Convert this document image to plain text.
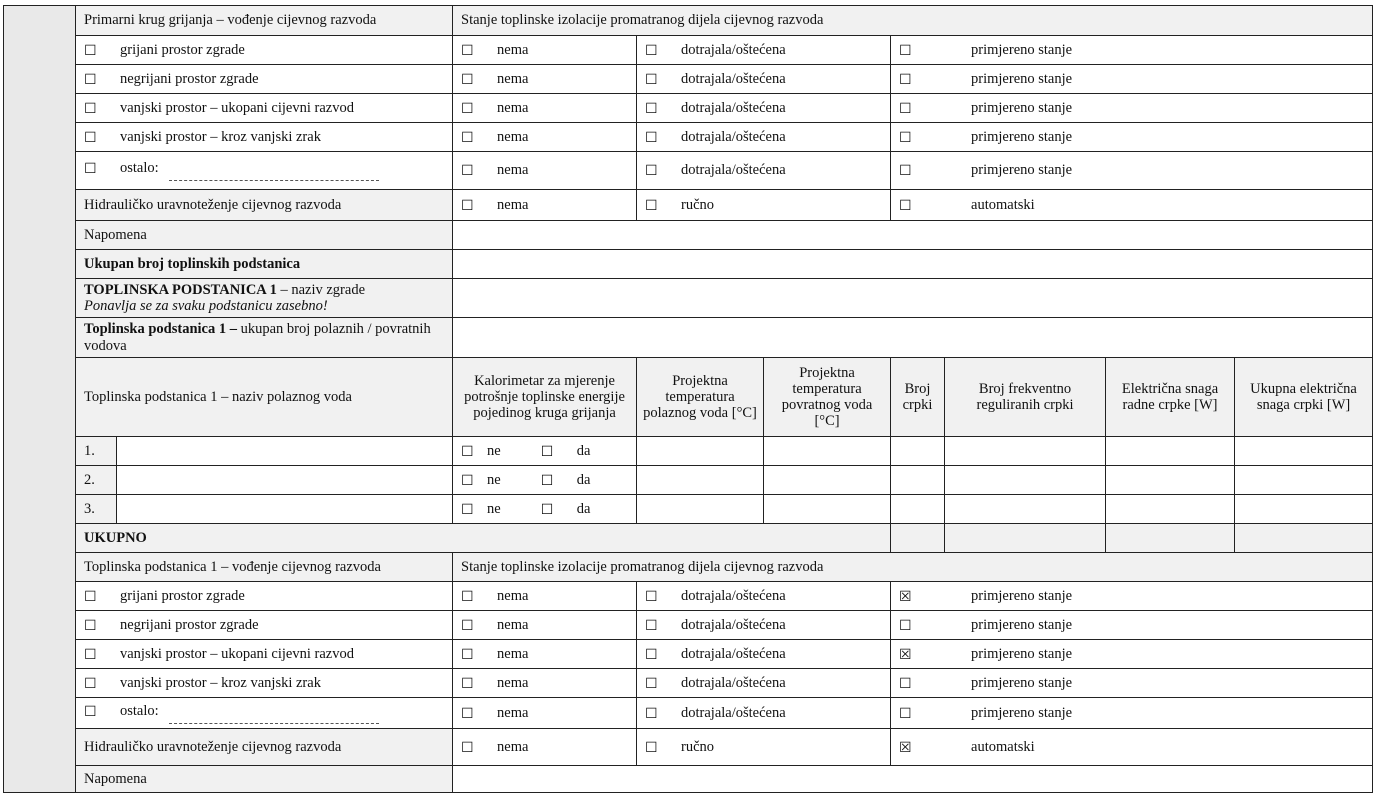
	Primarni krug grijanja – vođenje cijevnog razvoda		Stanje toplinske izolacije promatranog dijela cijevnog razvoda						
	☐ grijani prostor zgrade		☐ nema	☐ dotrajala/oštećena		☐ primjereno stanje			
	☐ negrijani prostor zgrade		☐ nema	☐ dotrajala/oštećena		☐ primjereno stanje			
	☐ vanjski prostor – ukopani cijevni razvod		☐ nema	☐ dotrajala/oštećena		☐ primjereno stanje			
	☐ vanjski prostor – kroz vanjski zrak		☐ nema	☐ dotrajala/oštećena		☐ primjereno stanje			
	☐ ostalo:		☐ nema	☐ dotrajala/oštećena		☐ primjereno stanje			
	Hidrauličko uravnoteženje cijevnog razvoda		☐ nema	☐ ručno		☐ automatski			
	Napomena								
	Ukupan broj toplinskih podstanica								
	TOPLINSKA PODSTANICA 1 – naziv zgrade
Ponavlja se za svaku podstanicu zasebno!								
	Toplinska podstanica 1 – ukupan broj polaznih / povratnih vodova								
	Toplinska podstanica 1 – naziv polaznog voda		Kalorimetar za mjerenje potrošnje toplinske energije pojedinog kruga grijanja	Projektna temperatura polaznog voda [°C]	Projektna temperatura povratnog voda [°C]	Broj crpki	Broj frekventno reguliranih crpki	Električna snaga radne crpke [W]	Ukupna električna snaga crpki [W]
	1.		☐ ne ☐ da						
	2.		☐ ne ☐ da						
	3.		☐ ne ☐ da						
	UKUPNO								
	Toplinska podstanica 1 – vođenje cijevnog razvoda		Stanje toplinske izolacije promatranog dijela cijevnog razvoda						
	☐ grijani prostor zgrade		☐ nema	☐ dotrajala/oštećena		☒ primjereno stanje			
	☐ negrijani prostor zgrade		☐ nema	☐ dotrajala/oštećena		☐ primjereno stanje			
	☐ vanjski prostor – ukopani cijevni razvod		☐ nema	☐ dotrajala/oštećena		☒ primjereno stanje			
	☐ vanjski prostor – kroz vanjski zrak		☐ nema	☐ dotrajala/oštećena		☐ primjereno stanje			
	☐ ostalo:		☐ nema	☐ dotrajala/oštećena		☐ primjereno stanje			
	Hidrauličko uravnoteženje cijevnog razvoda		☐ nema	☐ ručno		☒ automatski			
	Napomena								
